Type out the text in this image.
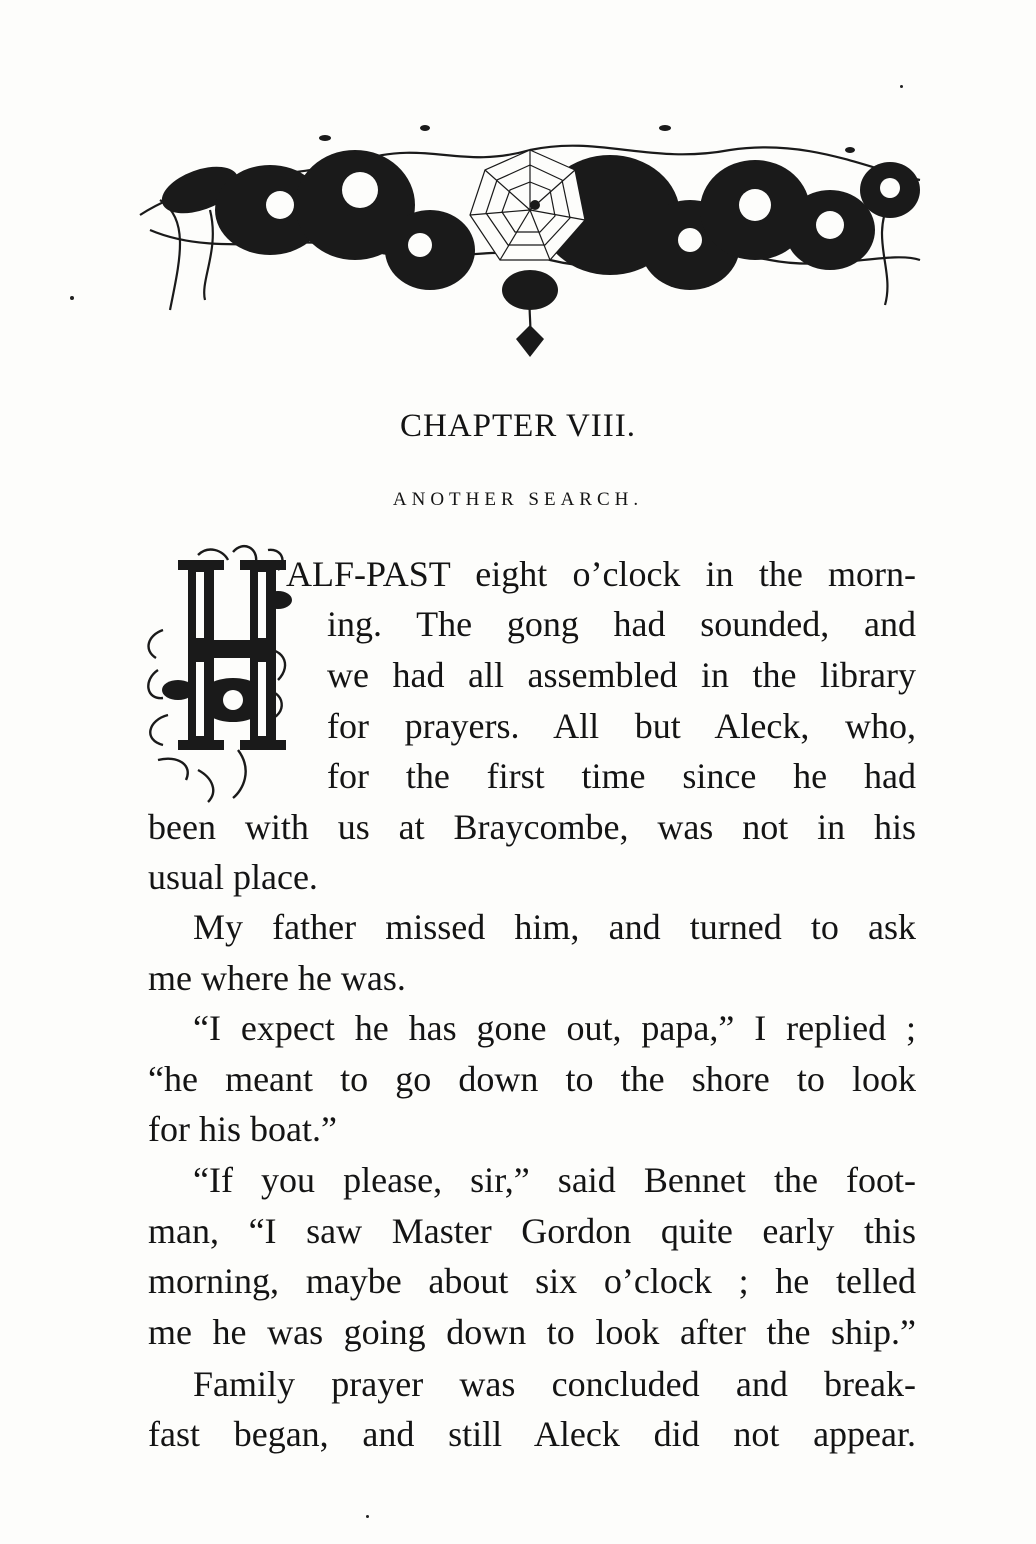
CHAPTER VIII.
ANOTHER SEARCH.

ALF-PAST eight o’clock in the morn-

ing. The gong had sounded, and

we had all assembled in the library

for prayers. All but Aleck, who,

for the first time since he had

been with us at Braycombe, was not in his

usual place.

My father missed him, and turned to ask

me where he was.

“I expect he has gone out, papa,” I replied ;

“he meant to go down to the shore to look

for his boat.”

“If you please, sir,” said Bennet the foot-

man, “I saw Master Gordon quite early this

morning, maybe about six o’clock ; he telled

me he was going down to look after the ship.”

Family prayer was concluded and break-

fast began, and still Aleck did not appear.
